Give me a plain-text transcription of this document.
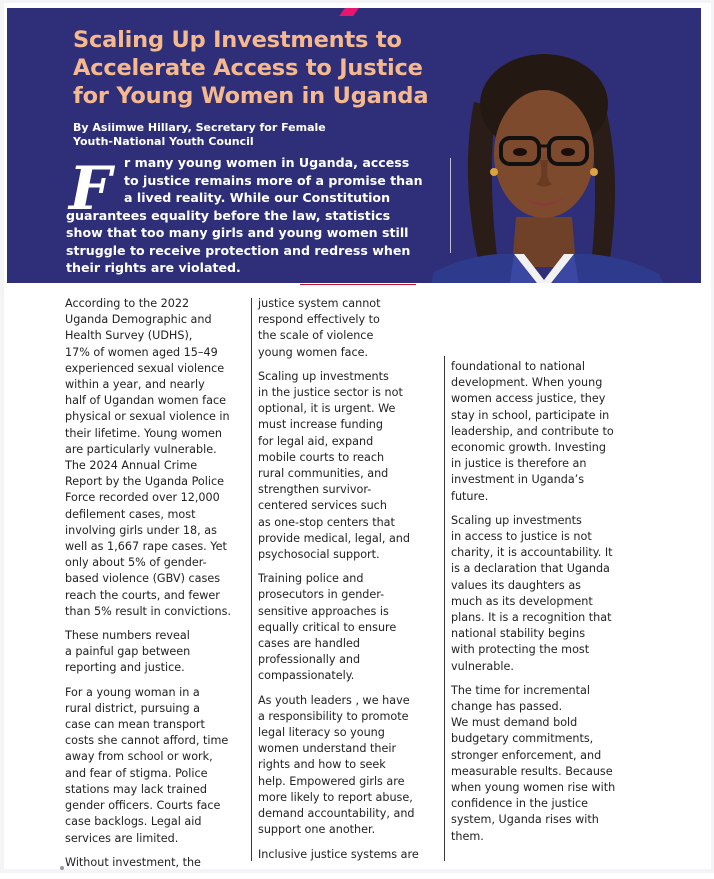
Scaling Up Investments to
Accelerate Access to Justice
for Young Women in Uganda

By Asiimwe Hillary, Secretary for Female
Youth-National Youth Council

F r many young women in Uganda, access
to justice remains more of a promise than
a lived reality. While our Constitution
guarantees equality before the law, statistics
show that too many girls and young women still
struggle to receive protection and redress when
their rights are violated.

According to the 2022
Uganda Demographic and
Health Survey (UDHS),
17% of women aged 15–49
experienced sexual violence
within a year, and nearly
half of Ugandan women face
physical or sexual violence in
their lifetime. Young women
are particularly vulnerable.
The 2024 Annual Crime
Report by the Uganda Police
Force recorded over 12,000
defilement cases, most
involving girls under 18, as
well as 1,667 rape cases. Yet
only about 5% of gender-
based violence (GBV) cases
reach the courts, and fewer
than 5% result in convictions.

These numbers reveal
a painful gap between
reporting and justice.

For a young woman in a
rural district, pursuing a
case can mean transport
costs she cannot afford, time
away from school or work,
and fear of stigma. Police
stations may lack trained
gender officers. Courts face
case backlogs. Legal aid
services are limited.

Without investment, the

justice system cannot
respond effectively to
the scale of violence
young women face.

Scaling up investments
in the justice sector is not
optional, it is urgent. We
must increase funding
for legal aid, expand
mobile courts to reach
rural communities, and
strengthen survivor-
centered services such
as one-stop centers that
provide medical, legal, and
psychosocial support.

Training police and
prosecutors in gender-
sensitive approaches is
equally critical to ensure
cases are handled
professionally and
compassionately.

As youth leaders , we have
a responsibility to promote
legal literacy so young
women understand their
rights and how to seek
help. Empowered girls are
more likely to report abuse,
demand accountability, and
support one another.

Inclusive justice systems are

foundational to national
development. When young
women access justice, they
stay in school, participate in
leadership, and contribute to
economic growth. Investing
in justice is therefore an
investment in Uganda’s
future.

Scaling up investments
in access to justice is not
charity, it is accountability. It
is a declaration that Uganda
values its daughters as
much as its development
plans. It is a recognition that
national stability begins
with protecting the most
vulnerable.

The time for incremental
change has passed.
We must demand bold
budgetary commitments,
stronger enforcement, and
measurable results. Because
when young women rise with
confidence in the justice
system, Uganda rises with
them.
